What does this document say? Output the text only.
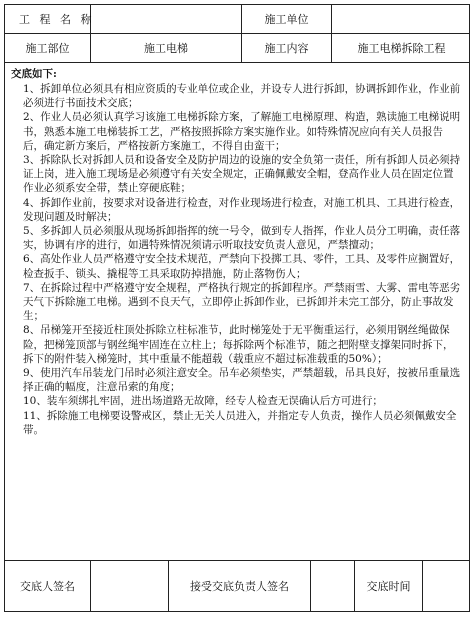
工 程 名 称	施工单位
施工部位	施工电梯	施工内容	施工电梯拆除工程
交底如下:

1、拆卸单位必须具有相应资质的专业单位或企业，并设专人进行拆卸，协调拆卸作业，作业前必须进行书面技术交底；

2、作业人员必须认真学习该施工电梯拆除方案，了解施工电梯原理、构造，熟读施工电梯说明书，熟悉本施工电梯装拆工艺，严格按照拆除方案实施作业。如特殊情况应向有关人员报告后，确定新方案后，严格按新方案施工，不得自由蛮干；

3、拆除队长对拆卸人员和设备安全及防护周边的设施的安全负第一责任，所有拆卸人员必须持证上岗，进入施工现场是必须遵守有关安全规定，正确佩戴安全帽，登高作业人员在固定位置作业必须系安全带，禁止穿硬底鞋；

4、拆卸作业前，按要求对设备进行检查，对作业现场进行检查，对施工机具、工具进行检查，发现问题及时解决；

5、多拆卸人员必须服从现场拆卸指挥的统一号令，做到专人指挥，作业人员分工明确，责任落实，协调有序的进行，如遇特殊情况须请示听取技安负责人意见，严禁擅动；

6、高处作业人员严格遵守安全技术规范，严禁向下投掷工具、零件，工具、及零件应搁置好，检查扳手、锁头、撬棍等工具采取防掉措施，防止落物伤人；

7、在拆除过程中严格遵守安全规程，严格执行规定的拆卸程序。严禁雨雪、大雾、雷电等恶劣天气下拆除施工电梯。遇到不良天气，立即停止拆卸作业，已拆卸并未完工部分，防止事故发生；

8、吊梯笼开至接近柱顶处拆除立柱标准节，此时梯笼处于无平衡重运行，必须用钢丝绳做保险，把梯笼顶部与钢丝绳牢固连在立柱上；每拆除两个标准节，随之把附壁支撑架同时拆下，拆下的附件装入梯笼时，其中重量不能超载（载重应不超过标准载重的50%）；

9、使用汽车吊装龙门吊时必须注意安全。吊车必须垫实，严禁超载，吊具良好，按被吊重量选择正确的幅度，注意吊索的角度；

10、装车须绑扎牢固，进出场道路无故障，经专人检查无误确认后方可进行；

11、拆除施工电梯要设警戒区，禁止无关人员进入，并指定专人负责，操作人员必须佩戴安全带。

交底人签名	接受交底负责人签名	交底时间
